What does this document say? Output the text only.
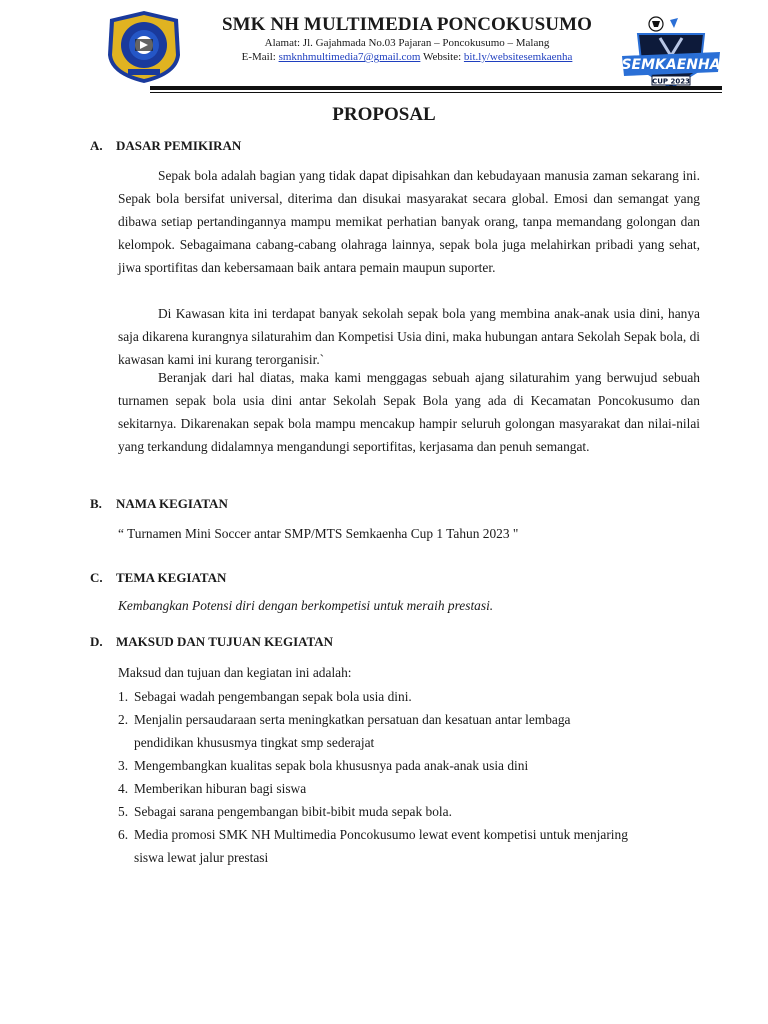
SMK NH MULTIMEDIA PONCOKUSUMO
Alamat: Jl. Gajahmada No.03 Pajaran – Poncokusumo – Malang
E-Mail: smknhmultimedia7@gmail.com Website: bit.ly/websitesemkaenha	SEMKAENHA
CUP 2023
PROPOSAL
A. DASAR PEMIKIRAN
Sepak bola adalah bagian yang tidak dapat dipisahkan dan kebudayaan manusia zaman sekarang ini. Sepak bola bersifat universal, diterima dan disukai masyarakat secara global. Emosi dan semangat yang dibawa setiap pertandingannya mampu memikat perhatian banyak orang, tanpa memandang golongan dan kelompok. Sebagaimana cabang-cabang olahraga lainnya, sepak bola juga melahirkan pribadi yang sehat, jiwa sportifitas dan kebersamaan baik antara pemain maupun suporter.
Di Kawasan kita ini terdapat banyak sekolah sepak bola yang membina anak-anak usia dini, hanya saja dikarena kurangnya silaturahim dan Kompetisi Usia dini, maka hubungan antara Sekolah Sepak bola, di kawasan kami ini kurang terorganisir.`
Beranjak dari hal diatas, maka kami menggagas sebuah ajang silaturahim yang berwujud sebuah turnamen sepak bola usia dini antar Sekolah Sepak Bola yang ada di Kecamatan Poncokusumo dan sekitarnya. Dikarenakan sepak bola mampu mencakup hampir seluruh golongan masyarakat dan nilai-nilai yang terkandung didalamnya mengandungi seportifitas, kerjasama dan penuh semangat.
B. NAMA KEGIATAN
“ Turnamen Mini Soccer antar SMP/MTS Semkaenha Cup 1 Tahun 2023 "
C. TEMA KEGIATAN
Kembangkan Potensi diri dengan berkompetisi untuk meraih prestasi.
D. MAKSUD DAN TUJUAN KEGIATAN
Maksud dan tujuan dan kegiatan ini adalah:
1. Sebagai wadah pengembangan sepak bola usia dini.
2. Menjalin persaudaraan serta meningkatkan persatuan dan kesatuan antar lembaga
pendidikan khususmya tingkat smp sederajat
3. Mengembangkan kualitas sepak bola khususnya pada anak-anak usia dini
4. Memberikan hiburan bagi siswa
5. Sebagai sarana pengembangan bibit-bibit muda sepak bola.
6. Media promosi SMK NH Multimedia Poncokusumo lewat event kompetisi untuk menjaring
siswa lewat jalur prestasi
